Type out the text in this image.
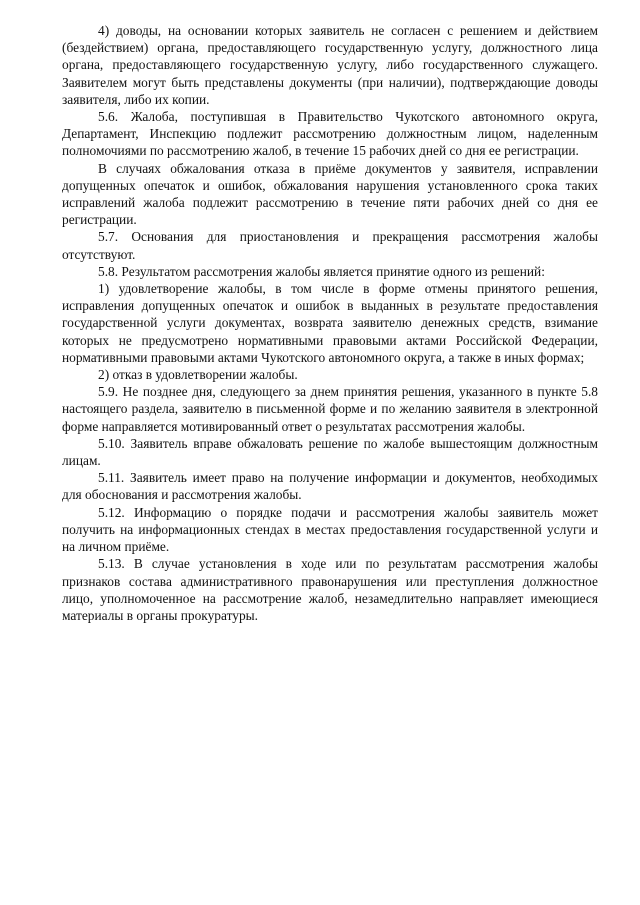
4) доводы, на основании которых заявитель не согласен с решением и действием (бездействием) органа, предоставляющего государственную услугу, должностного лица органа, предоставляющего государственную услугу, либо государственного служащего. Заявителем могут быть представлены документы (при наличии), подтверждающие доводы заявителя, либо их копии.

5.6. Жалоба, поступившая в Правительство Чукотского автономного округа, Департамент, Инспекцию подлежит рассмотрению должностным лицом, наделенным полномочиями по рассмотрению жалоб, в течение 15 рабочих дней со дня ее регистрации.

В случаях обжалования отказа в приёме документов у заявителя, исправлении допущенных опечаток и ошибок, обжалования нарушения установленного срока таких исправлений жалоба подлежит рассмотрению в течение пяти рабочих дней со дня ее регистрации.

5.7. Основания для приостановления и прекращения рассмотрения жалобы отсутствуют.

5.8. Результатом рассмотрения жалобы является принятие одного из решений:

1) удовлетворение жалобы, в том числе в форме отмены принятого решения, исправления допущенных опечаток и ошибок в выданных в результате предоставления государственной услуги документах, возврата заявителю денежных средств, взимание которых не предусмотрено нормативными правовыми актами Российской Федерации, нормативными правовыми актами Чукотского автономного округа, а также в иных формах;

2) отказ в удовлетворении жалобы.

5.9. Не позднее дня, следующего за днем принятия решения, указанного в пункте 5.8 настоящего раздела, заявителю в письменной форме и по желанию заявителя в электронной форме направляется мотивированный ответ о результатах рассмотрения жалобы.

5.10. Заявитель вправе обжаловать решение по жалобе вышестоящим должностным лицам.

5.11. Заявитель имеет право на получение информации и документов, необходимых для обоснования и рассмотрения жалобы.

5.12. Информацию о порядке подачи и рассмотрения жалобы заявитель может получить на информационных стендах в местах предоставления государственной услуги и на личном приёме.

5.13. В случае установления в ходе или по результатам рассмотрения жалобы признаков состава административного правонарушения или преступления должностное лицо, уполномоченное на рассмотрение жалоб, незамедлительно направляет имеющиеся материалы в органы прокуратуры.
